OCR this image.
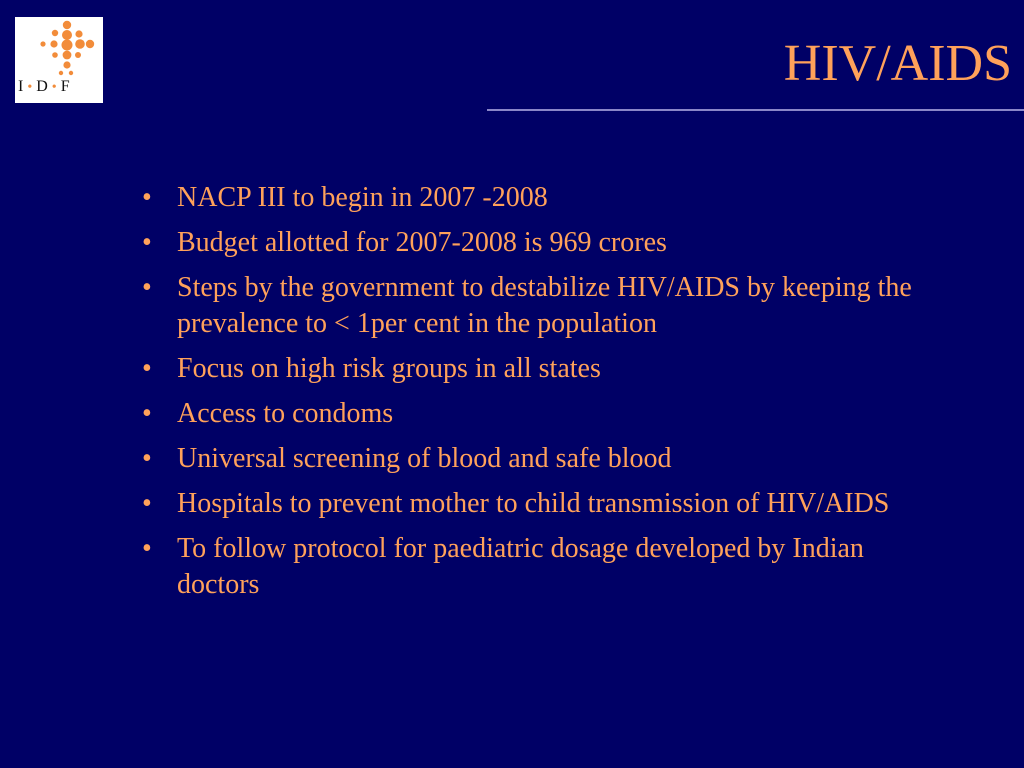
I • D • F	HIV/AIDS
• NACP III to begin in 2007 -2008
• Budget allotted for 2007-2008 is 969 crores
• Steps by the government to destabilize HIV/AIDS by keeping the prevalence to < 1per cent in the population
• Focus on high risk groups in all states
• Access to condoms
• Universal screening of blood and safe blood
• Hospitals to prevent mother to child transmission of HIV/AIDS
• To follow protocol for paediatric dosage developed by Indian doctors
